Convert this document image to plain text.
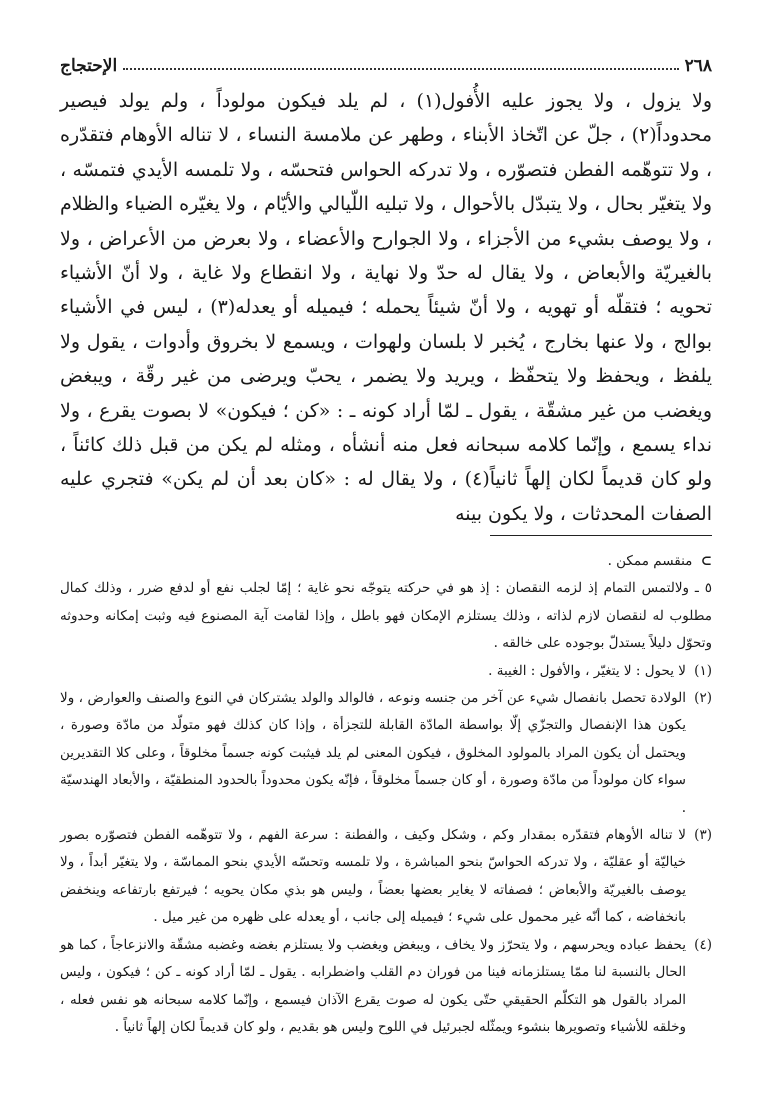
٢٦٨
الإحتجاج

ولا يزول ، ولا يجوز عليه الأُفول(١) ، لم يلد فيكون مولوداً ، ولم يولد فيصير محدوداً(٢) ، جلّ عن اتّخاذ الأبناء ، وطهر عن ملامسة النساء ، لا تناله الأوهام فتقدّره ، ولا تتوهّمه الفطن فتصوّره ، ولا تدركه الحواس فتحسّه ، ولا تلمسه الأيدي فتمسّه ، ولا يتغيّر بحال ، ولا يتبدّل بالأحوال ، ولا تبليه اللّيالي والأيّام ، ولا يغيّره الضياء والظلام ، ولا يوصف بشيء من الأجزاء ، ولا الجوارح والأعضاء ، ولا بعرض من الأعراض ، ولا بالغيريّة والأبعاض ، ولا يقال له حدّ ولا نهاية ، ولا انقطاع ولا غاية ، ولا أنّ الأشياء تحويه ؛ فتقلّه أو تهويه ، ولا أنّ شيئاً يحمله ؛ فيميله أو يعدله(٣) ، ليس في الأشياء بوالج ، ولا عنها بخارج ، يُخبر لا بلسان ولهوات ، ويسمع لا بخروق وأدوات ، يقول ولا يلفظ ، ويحفظ ولا يتحفّظ ، ويريد ولا يضمر ، يحبّ ويرضى من غير رقّة ، ويبغض ويغضب من غير مشقّة ، يقول ـ لمّا أراد كونه ـ : «كن ؛ فيكون» لا بصوت يقرع ، ولا نداء يسمع ، وإنّما كلامه سبحانه فعل منه أنشأه ، ومثله لم يكن من قبل ذلك كائناً ، ولو كان قديماً لكان إلهاً ثانياً(٤) ، ولا يقال له : «كان بعد أن لم يكن» فتجري عليه الصفات المحدثات ، ولا يكون بينه

⊃ منقسم ممكن .

٥ ـ ولالتمس التمام إذ لزمه النقصان : إذ هو في حركته يتوجّه نحو غاية ؛ إمّا لجلب نفع أو لدفع ضرر ، وذلك كمال مطلوب له لنقصان لازم لذاته ، وذلك يستلزم الإمكان فهو باطل ، وإذا لقامت آية المصنوع فيه وثبت إمكانه وحدوثه وتحوّل دليلاً يستدلّ بوجوده على خالقه .

(١)
لا يحول : لا يتغيّر ، والأفول : الغيبة .
(٢)
الولادة تحصل بانفصال شيء عن آخر من جنسه ونوعه ، فالوالد والولد يشتركان في النوع والصنف والعوارض ، ولا يكون هذا الإنفصال والتجزّي إلّا بواسطة المادّة القابلة للتجزأة ، وإذا كان كذلك فهو متولّد من مادّة وصورة ، ويحتمل أن يكون المراد بالمولود المخلوق ، فيكون المعنى لم يلد فيثبت كونه جسماً مخلوقاً ، وعلى كلا التقديرين سواء كان مولوداً من مادّة وصورة ، أو كان جسماً مخلوقاً ، فإنّه يكون محدوداً بالحدود المنطقيّة ، والأبعاد الهندسيّة .
(٣)
لا تناله الأوهام فتقدّره بمقدار وكم ، وشكل وكيف ، والفطنة : سرعة الفهم ، ولا تتوهّمه الفطن فتصوّره بصور خياليّة أو عقليّة ، ولا تدركه الحواسّ بنحو المباشرة ، ولا تلمسه وتحسّه الأيدي بنحو المماسّة ، ولا يتغيّر أبداً ، ولا يوصف بالغيريّة والأبعاض ؛ فصفاته لا يغاير بعضها بعضاً ، وليس هو بذي مكان يحويه ؛ فيرتفع بارتفاعه وينخفض بانخفاضه ، كما أنّه غير محمول على شيء ؛ فيميله إلى جانب ، أو يعدله على ظهره من غير ميل .
(٤)
يحفظ عباده ويحرسهم ، ولا يتحرّز ولا يخاف ، ويبغض ويغضب ولا يستلزم بغضه وغضبه مشقّة والانزعاجاً ، كما هو الحال بالنسبة لنا ممّا يستلزمانه فينا من فوران دم القلب واضطرابه . يقول ـ لمّا أراد كونه ـ كن ؛ فيكون ، وليس المراد بالقول هو التكلّم الحقيقي حتّى يكون له صوت يقرع الآذان فيسمع ، وإنّما كلامه سبحانه هو نفس فعله ، وخلقه للأشياء وتصويرها بنشوء ويمثّله لجبرئيل في اللوح وليس هو بقديم ، ولو كان قديماً لكان إلهاً ثانياً .
